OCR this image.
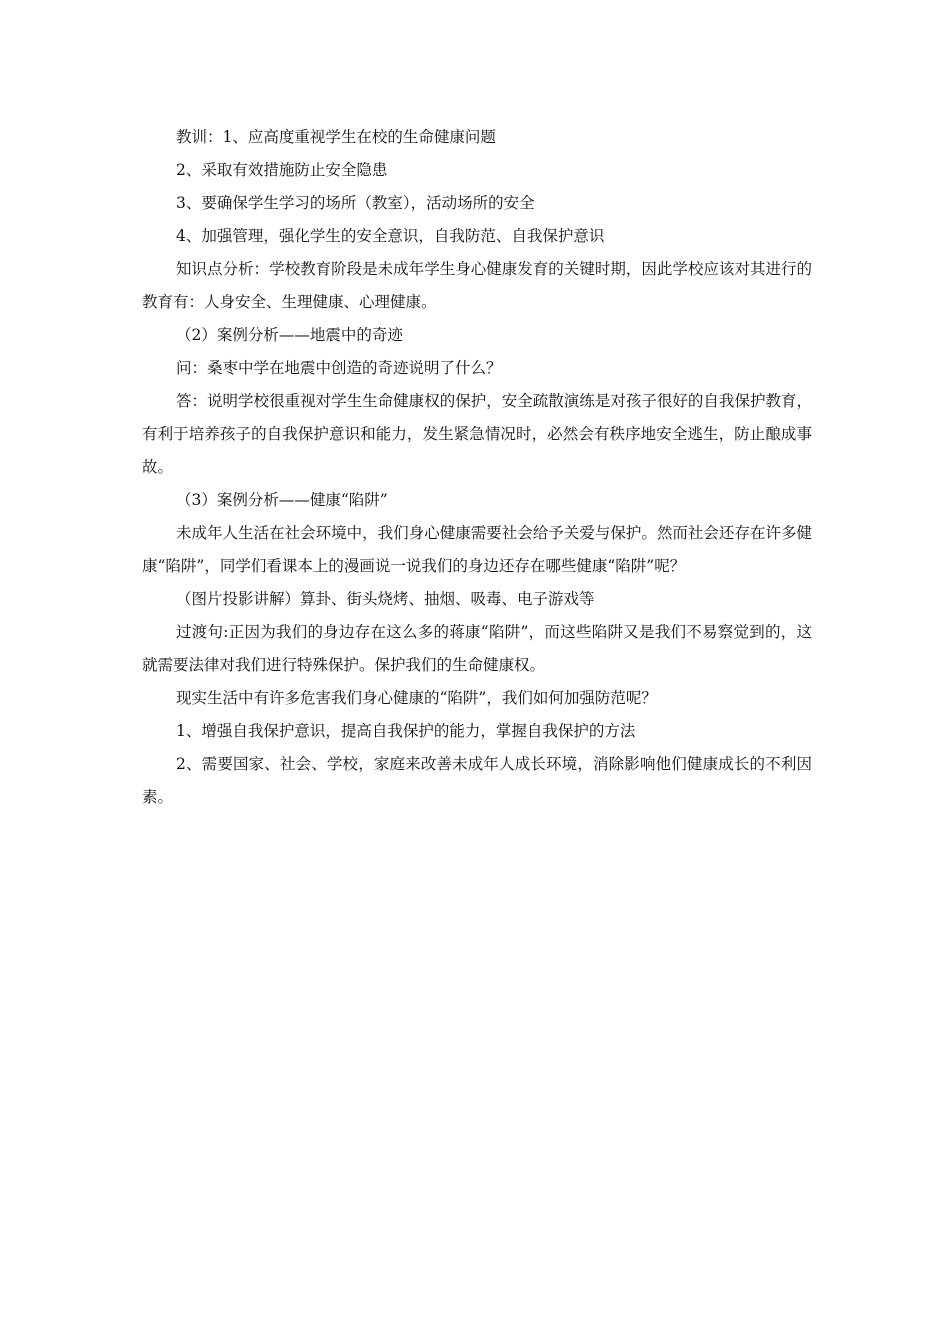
教训：1、应高度重视学生在校的生命健康问题

2、采取有效措施防止安全隐患

3、要确保学生学习的场所（教室），活动场所的安全

4、加强管理，强化学生的安全意识，自我防范、自我保护意识

知识点分析：学校教育阶段是未成年学生身心健康发育的关键时期，因此学校应该对其进行的教育有：人身安全、生理健康、心理健康。

（2）案例分析——地震中的奇迹

问：桑枣中学在地震中创造的奇迹说明了什么？

答：说明学校很重视对学生生命健康权的保护，安全疏散演练是对孩子很好的自我保护教育，有利于培养孩子的自我保护意识和能力，发生紧急情况时，必然会有秩序地安全逃生，防止酿成事故。

（3）案例分析——健康“陷阱”

未成年人生活在社会环境中，我们身心健康需要社会给予关爱与保护。然而社会还存在许多健康“陷阱”，同学们看课本上的漫画说一说我们的身边还存在哪些健康“陷阱”呢？

（图片投影讲解）算卦、街头烧烤、抽烟、吸毒、电子游戏等

过渡句:正因为我们的身边存在这么多的蒋康“陷阱”，而这些陷阱又是我们不易察觉到的，这就需要法律对我们进行特殊保护。保护我们的生命健康权。

现实生活中有许多危害我们身心健康的“陷阱”，我们如何加强防范呢？

1、增强自我保护意识，提高自我保护的能力，掌握自我保护的方法

2、需要国家、社会、学校，家庭来改善未成年人成长环境，消除影响他们健康成长的不利因素。
